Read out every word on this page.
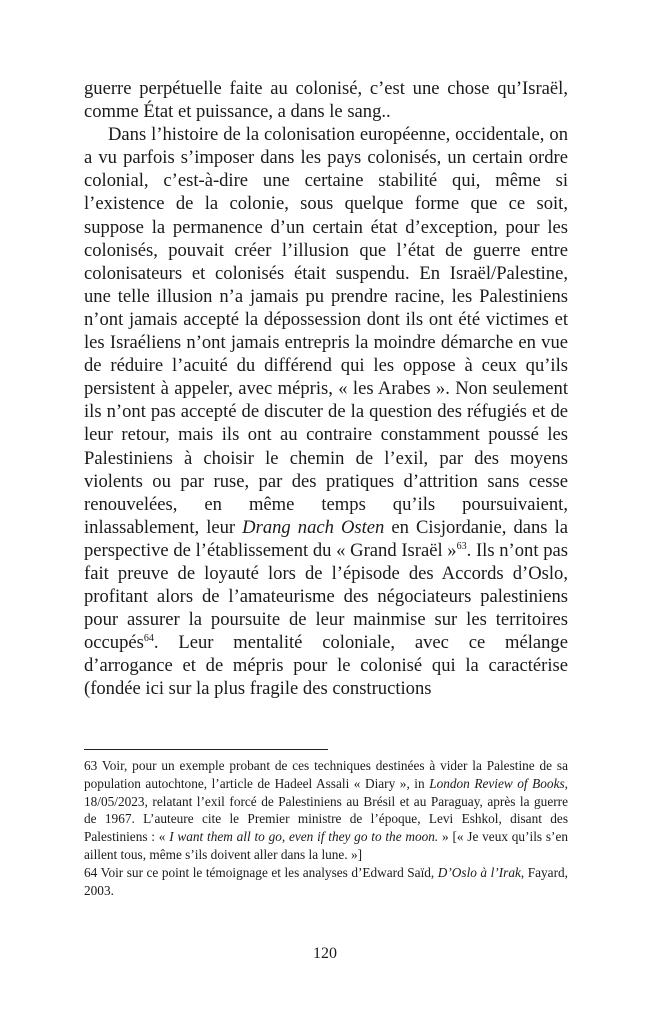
guerre perpétuelle faite au colonisé, c’est une chose qu’Israël, comme État et puissance, a dans le sang..

Dans l’histoire de la colonisation européenne, occidentale, on a vu parfois s’imposer dans les pays colonisés, un certain ordre colonial, c’est-à-dire une certaine stabilité qui, même si l’existence de la colonie, sous quelque forme que ce soit, suppose la permanence d’un certain état d’exception, pour les colonisés, pouvait créer l’illusion que l’état de guerre entre colonisateurs et colonisés était suspendu. En Israël/Palestine, une telle illusion n’a jamais pu prendre racine, les Palestiniens n’ont jamais accepté la dépossession dont ils ont été victimes et les Israéliens n’ont jamais entrepris la moindre démarche en vue de réduire l’acuité du différend qui les oppose à ceux qu’ils persistent à appeler, avec mépris, « les Arabes ». Non seulement ils n’ont pas accepté de discuter de la question des réfugiés et de leur retour, mais ils ont au contraire constamment poussé les Palestiniens à choisir le chemin de l’exil, par des moyens violents ou par ruse, par des pratiques d’attrition sans cesse renouvelées, en même temps qu’ils poursuivaient, inlassablement, leur Drang nach Osten en Cisjordanie, dans la perspective de l’établissement du « Grand Israël »$^{63}$. Ils n’ont pas fait preuve de loyauté lors de l’épisode des Accords d’Oslo, profitant alors de l’amateurisme des négociateurs palestiniens pour assurer la poursuite de leur mainmise sur les territoires occupés$^{64}$. Leur mentalité coloniale, avec ce mélange d’arrogance et de mépris pour le colonisé qui la caractérise (fondée ici sur la plus fragile des constructions

63 Voir, pour un exemple probant de ces techniques destinées à vider la Palestine de sa population autochtone, l’article de Hadeel Assali « Diary », in London Review of Books, 18/05/2023, relatant l’exil forcé de Palestiniens au Brésil et au Paraguay, après la guerre de 1967. L’auteure cite le Premier ministre de l’époque, Levi Eshkol, disant des Palestiniens : « I want them all to go, even if they go to the moon. » [« Je veux qu’ils s’en aillent tous, même s’ils doivent aller dans la lune. »]

64 Voir sur ce point le témoignage et les analyses d’Edward Saïd, D’Oslo à l’Irak, Fayard, 2003.

120
